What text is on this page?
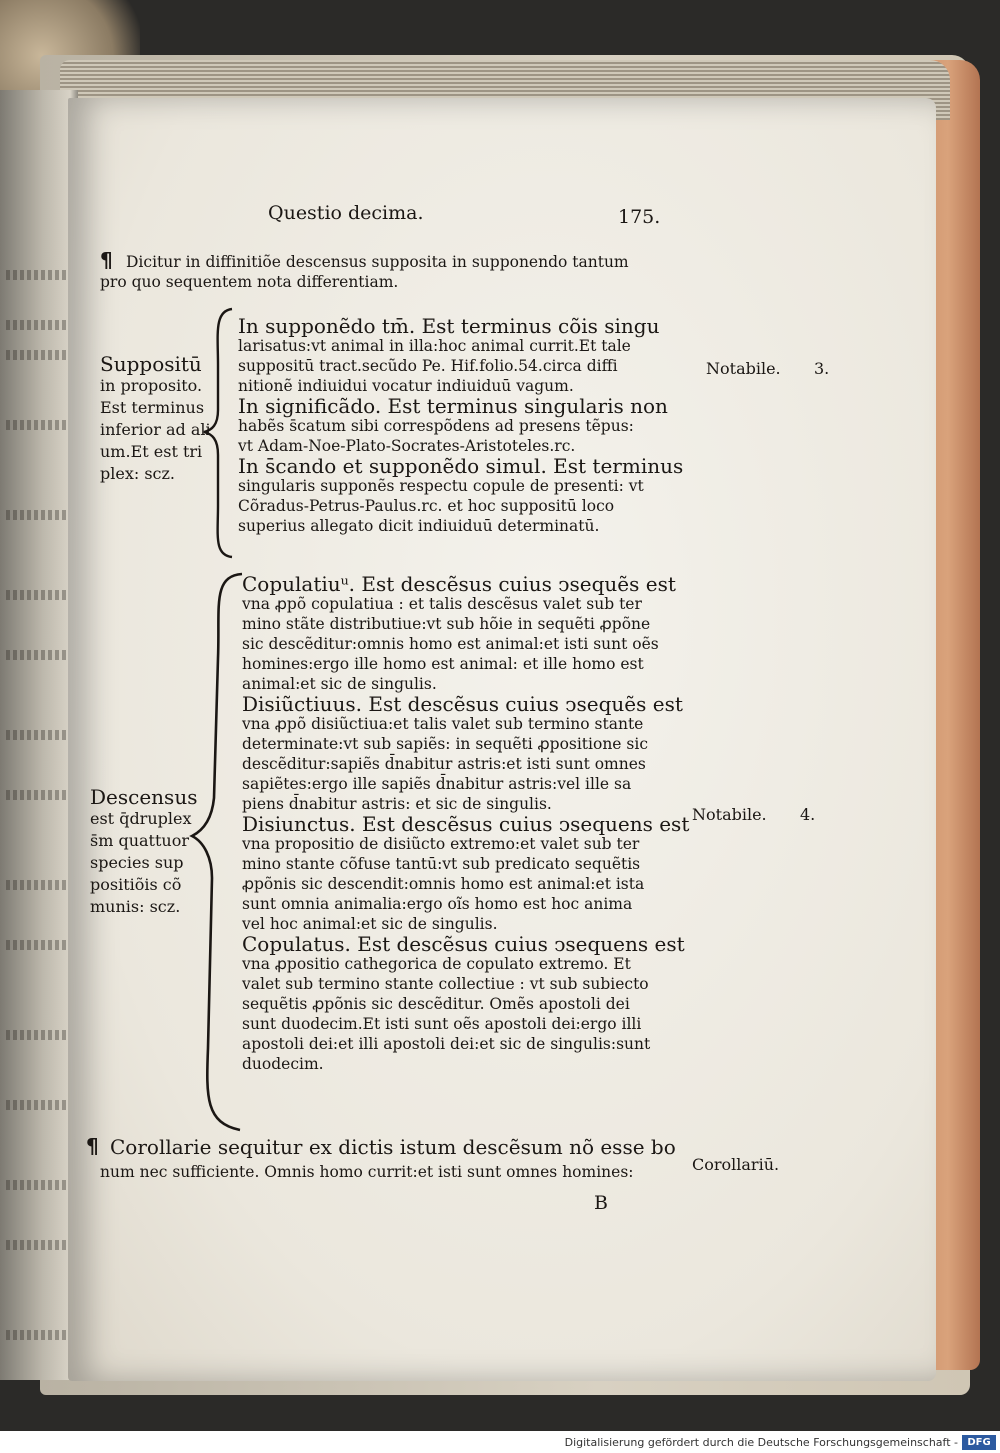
Questio decima.	175.
¶ Dicitur in diffinitiõe descensus supposita in supponendo tantum
pro quo sequentem nota differentiam.
Suppositū
in proposito.
Est terminus
inferior ad ali
um.Et est tri
plex: scz.
In supponẽdo tm̄. Est terminus cõis singu
larisatus:vt animal in illa:hoc animal currit.Et tale
suppositū tract.secũdo Pe. Hif.folio.54.circa diffi
nitionẽ indiuidui vocatur indiuiduū vagum.
In significãdo. Est terminus singularis non
habẽs s̄catum sibi correspõdens ad presens tẽpus:
vt Adam-Noe-Plato-Socrates-Aristoteles.rc.
In s̄cando et supponẽdo simul. Est terminus
singularis supponẽs respectu copule de presenti: vt
Cõradus-Petrus-Paulus.rc. et hoc suppositū loco
superius allegato dicit indiuiduū determinatū.
Notabile. 3.
Descensus
est q̄druplex
s̄m quattuor
species sup
positiõis cõ
munis: scz.
Copulatiuᵘ. Est descẽsus cuius ↄsequẽs est
vna ꝓpõ copulatiua : et talis descẽsus valet sub ter
mino stãte distributiue:vt sub hõie in sequẽti ꝓpõne
sic descẽditur:omnis homo est animal:et isti sunt oẽs
homines:ergo ille homo est animal: et ille homo est
animal:et sic de singulis.
Disiũctiuus. Est descẽsus cuius ↄsequẽs est
vna ꝓpõ disiũctiua:et talis valet sub termino stante
determinate:vt sub sapiẽs: in sequẽti ꝓpositione sic
descẽditur:sapiẽs d̄nabitur astris:et isti sunt omnes
sapiẽtes:ergo ille sapiẽs d̄nabitur astris:vel ille sa
piens d̄nabitur astris: et sic de singulis.
Disiunctus. Est descẽsus cuius ↄsequens est
vna propositio de disiũcto extremo:et valet sub ter
mino stante cõfuse tantū:vt sub predicato sequẽtis
ꝓpõnis sic descendit:omnis homo est animal:et ista
sunt omnia animalia:ergo oĩs homo est hoc anima
vel hoc animal:et sic de singulis.
Copulatus. Est descẽsus cuius ↄsequens est
vna ꝓpositio cathegorica de copulato extremo. Et
valet sub termino stante collectiue : vt sub subiecto
sequẽtis ꝓpõnis sic descẽditur. Omẽs apostoli dei
sunt duodecim.Et isti sunt oẽs apostoli dei:ergo illi
apostoli dei:et illi apostoli dei:et sic de singulis:sunt
duodecim.
Notabile. 4.
¶ Corollarie sequitur ex dictis istum descẽsum nõ esse bo
num nec sufficiente. Omnis homo currit:et isti sunt omnes homines:	Corollariū.
B
Digitalisierung gefördert durch die Deutsche Forschungsgemeinschaft - DFG
